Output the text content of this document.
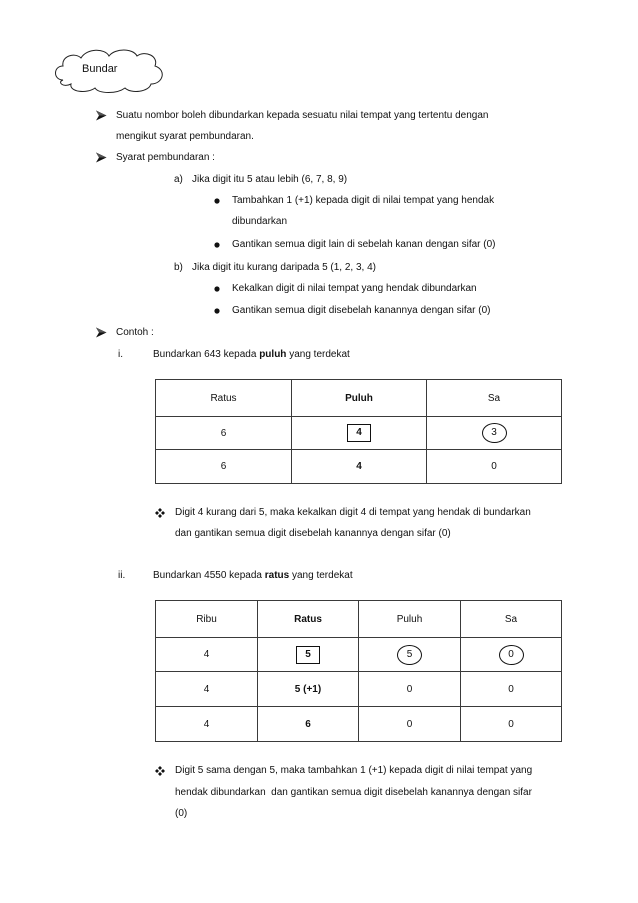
Bundar
Suatu nombor boleh dibundarkan kepada sesuatu nilai tempat yang tertentu dengan
mengikut syarat pembundaran.
Syarat pembundaran :
a) Jika digit itu 5 atau lebih (6, 7, 8, 9)
Tambahkan 1 (+1) kepada digit di nilai tempat yang hendak
dibundarkan
Gantikan semua digit lain di sebelah kanan dengan sifar (0)
b) Jika digit itu kurang daripada 5 (1, 2, 3, 4)
Kekalkan digit di nilai tempat yang hendak dibundarkan
Gantikan semua digit disebelah kanannya dengan sifar (0)
Contoh :
i.	Bundarkan 643 kepada puluh yang terdekat
Ratus	Puluh	Sa
6	4	3
6	4	0
Digit 4 kurang dari 5, maka kekalkan digit 4 di tempat yang hendak di bundarkan
dan gantikan semua digit disebelah kanannya dengan sifar (0)
ii.	Bundarkan 4550 kepada ratus yang terdekat
Ribu	Ratus	Puluh	Sa
4	5	5	0
4	5 (+1)	0	0
4	6	0	0
Digit 5 sama dengan 5, maka tambahkan 1 (+1) kepada digit di nilai tempat yang
hendak dibundarkan  dan gantikan semua digit disebelah kanannya dengan sifar
(0)
